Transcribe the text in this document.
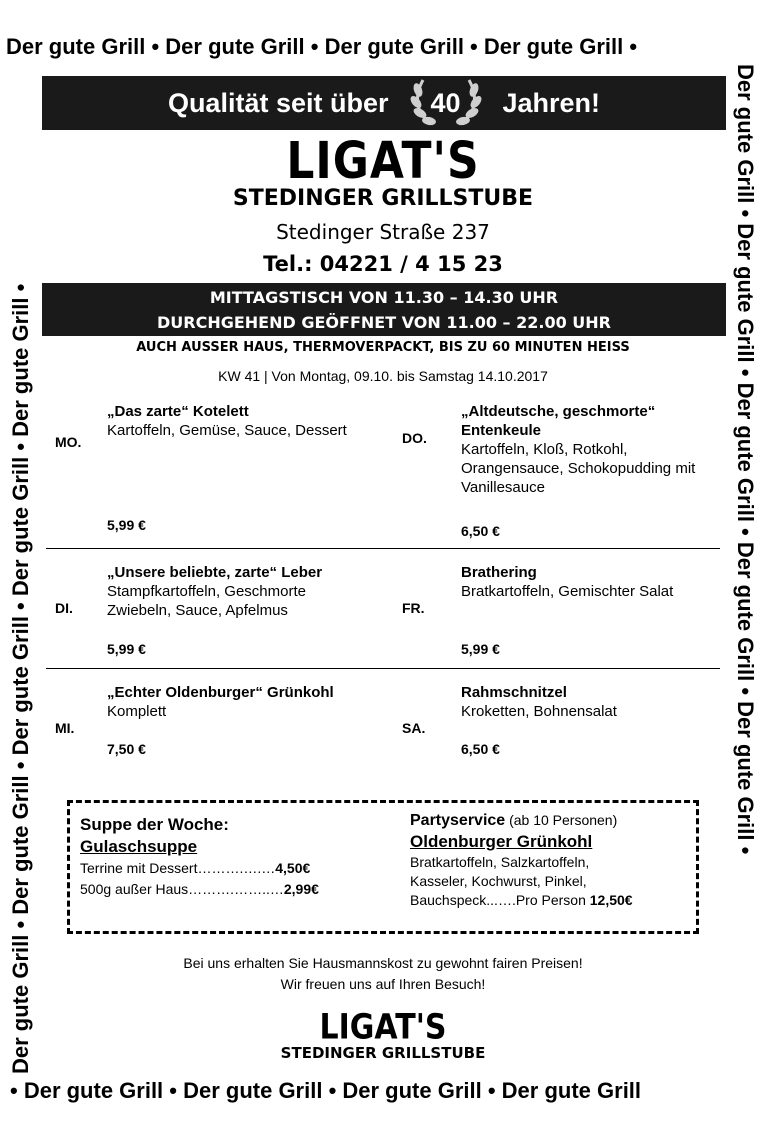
Der gute Grill • Der gute Grill • Der gute Grill • Der gute Grill •
• Der gute Grill • Der gute Grill • Der gute Grill • Der gute Grill
Der gute Grill • Der gute Grill • Der gute Grill • Der gute Grill • Der gute Grill •	Der gute Grill • Der gute Grill • Der gute Grill • Der gute Grill • Der gute Grill •
Qualität seit über 40 Jahren!
LIGAT'S
STEDINGER GRILLSTUBE
Stedinger Straße 237
Tel.: 04221 / 4 15 23
MITTAGSTISCH VON 11.30 – 14.30 UHR
DURCHGEHEND GEÖFFNET VON 11.00 – 22.00 UHR
AUCH AUSSER HAUS, THERMOVERPACKT, BIS ZU 60 MINUTEN HEISS
KW 41 | Von Montag, 09.10. bis Samstag 14.10.2017
MO.
„Das zarte“ Kotelett
Kartoffeln, Gemüse, Sauce, Dessert
5,99 €
DO.
„Altdeutsche, geschmorte“ Entenkeule
Kartoffeln, Kloß, Rotkohl, Orangensauce, Schokopudding mit Vanillesauce
6,50 €
DI.
„Unsere beliebte, zarte“ Leber
Stampfkartoffeln, Geschmorte Zwiebeln, Sauce, Apfelmus
5,99 €
FR.
Brathering
Bratkartoffeln, Gemischter Salat
5,99 €
MI.
„Echter Oldenburger“ Grünkohl
Komplett
7,50 €
SA.
Rahmschnitzel
Kroketten, Bohnensalat
6,50 €
Suppe der Woche:
Gulaschsuppe
Terrine mit Dessert……….….…4,50€
500g außer Haus……….……..…2,99€
Partyservice (ab 10 Personen)
Oldenburger Grünkohl
Bratkartoffeln, Salzkartoffeln,
Kasseler, Kochwurst, Pinkel,
Bauchspeck...….Pro Person 12,50€
Bei uns erhalten Sie Hausmannskost zu gewohnt fairen Preisen!
Wir freuen uns auf Ihren Besuch!
LIGAT'S
STEDINGER GRILLSTUBE
